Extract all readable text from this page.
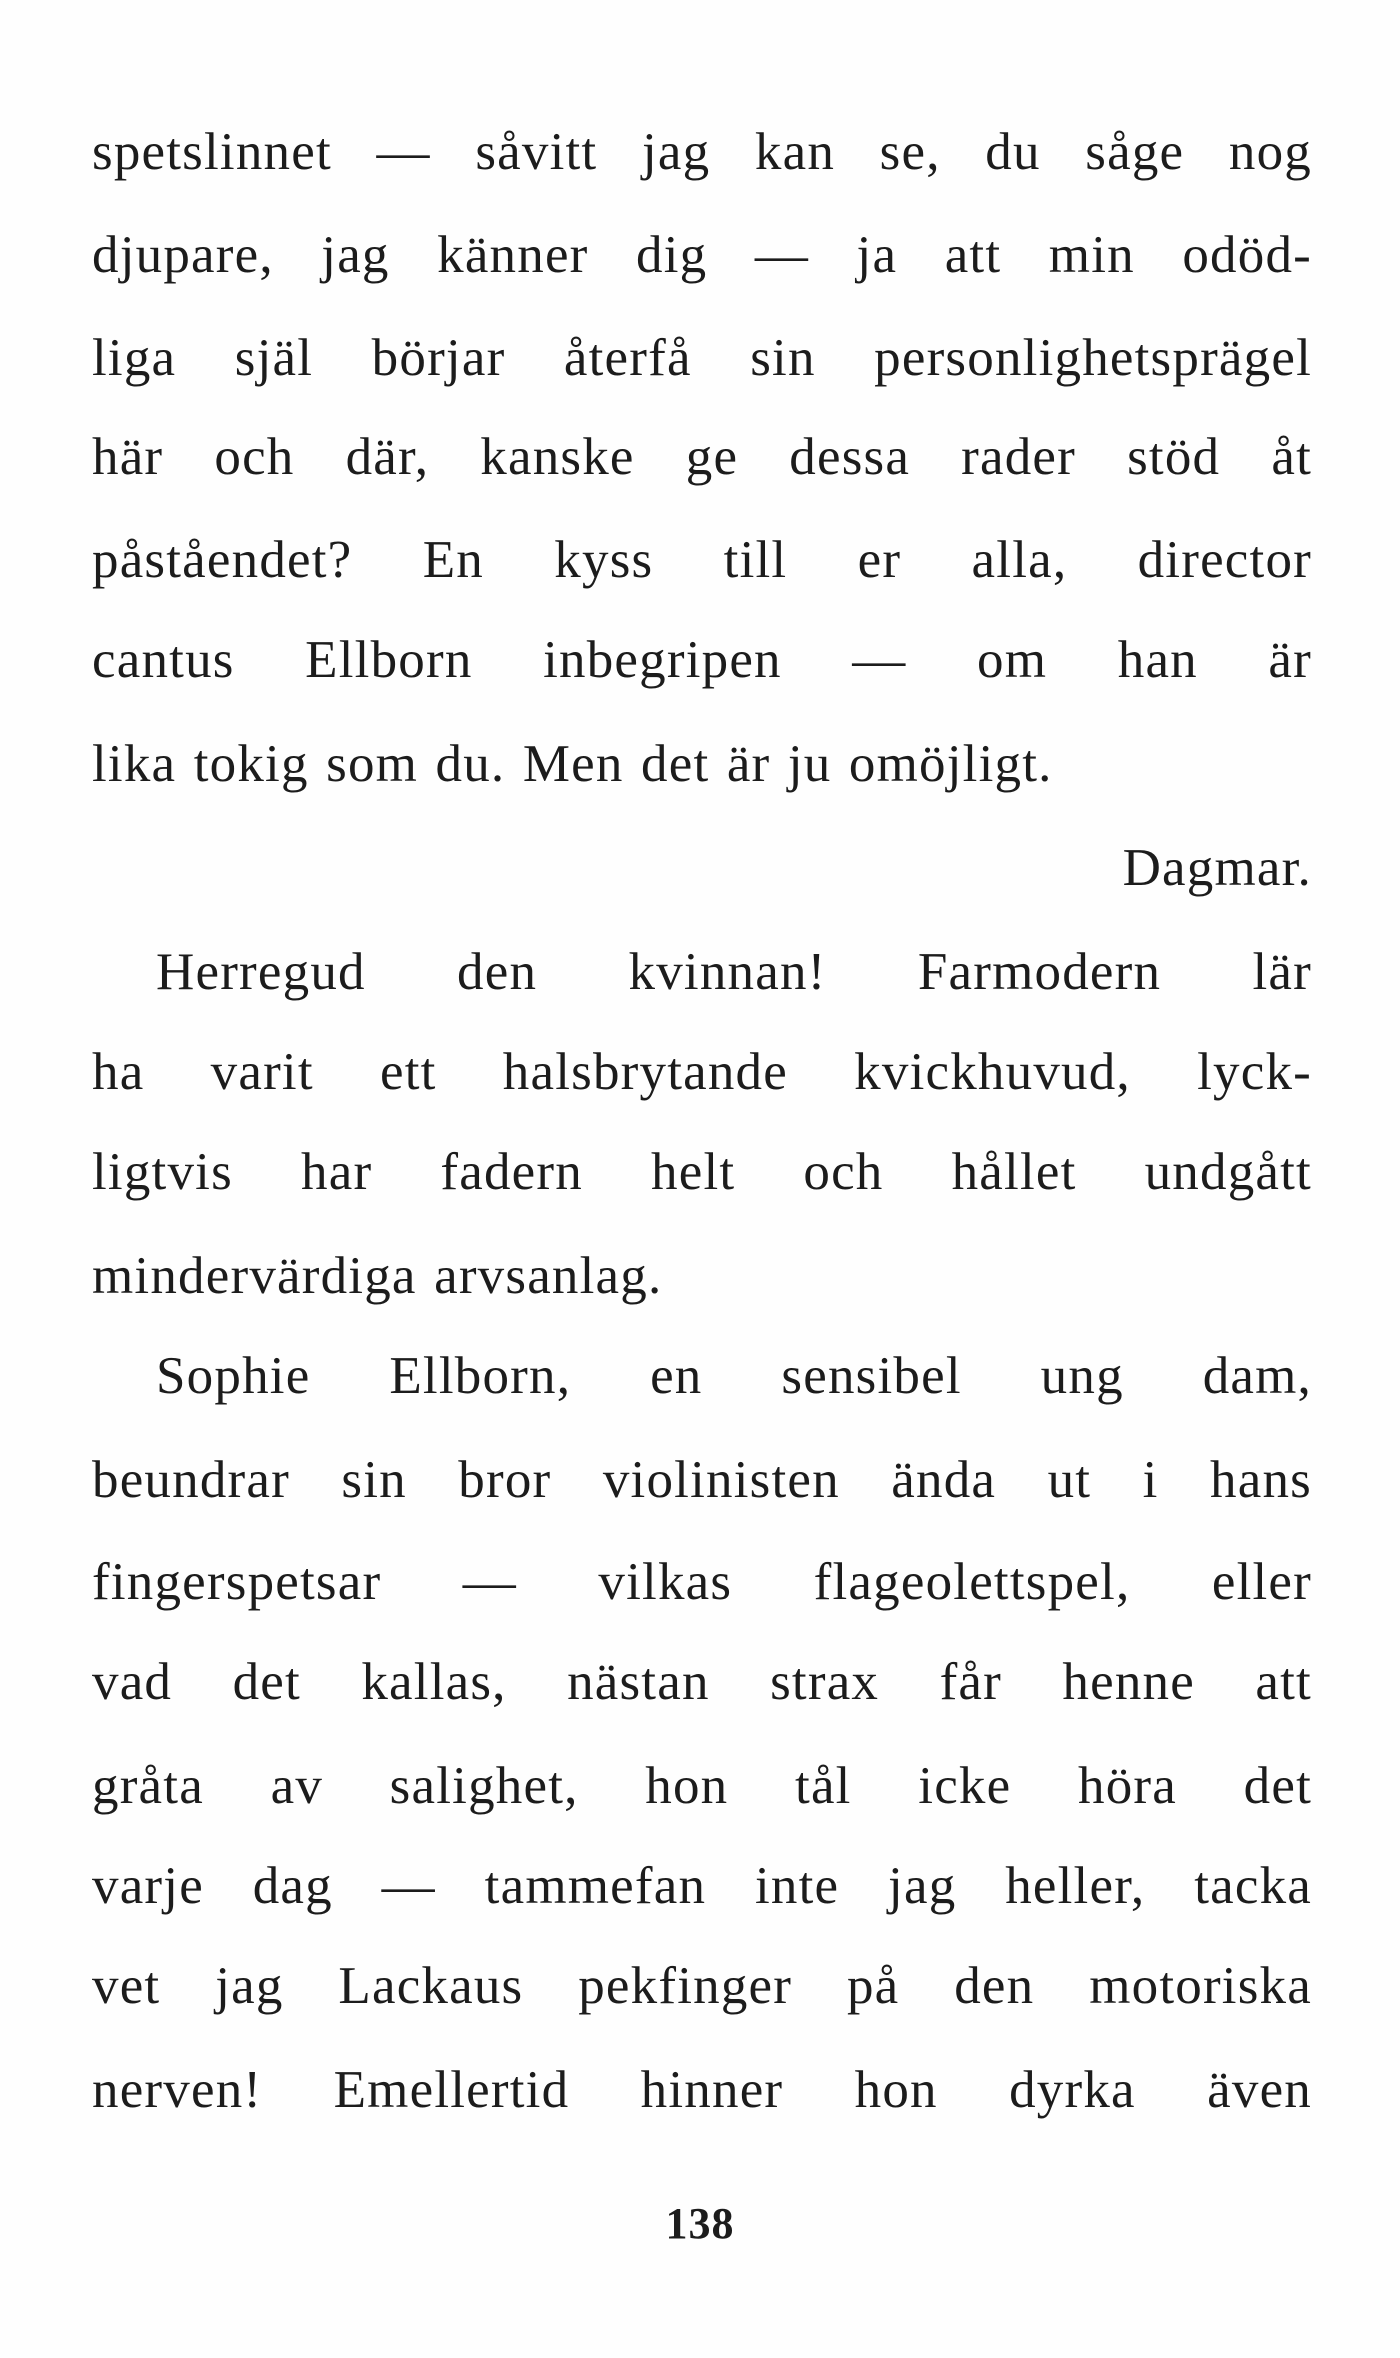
spetslinnet — såvitt jag kan se, du såge nog
djupare, jag känner dig — ja att min odöd-
liga själ börjar återfå sin personlighetsprägel
här och där, kanske ge dessa rader stöd åt
påståendet? En kyss till er alla, director
cantus Ellborn inbegripen — om han är
lika tokig som du. Men det är ju omöjligt.
Dagmar.
Herregud den kvinnan! Farmodern lär
ha varit ett halsbrytande kvickhuvud, lyck-
ligtvis har fadern helt och hållet undgått
mindervärdiga arvsanlag.
Sophie Ellborn, en sensibel ung dam,
beundrar sin bror violinisten ända ut i hans
fingerspetsar — vilkas flageolettspel, eller
vad det kallas, nästan strax får henne att
gråta av salighet, hon tål icke höra det
varje dag — tammefan inte jag heller, tacka
vet jag Lackaus pekfinger på den motoriska
nerven! Emellertid hinner hon dyrka även
138
